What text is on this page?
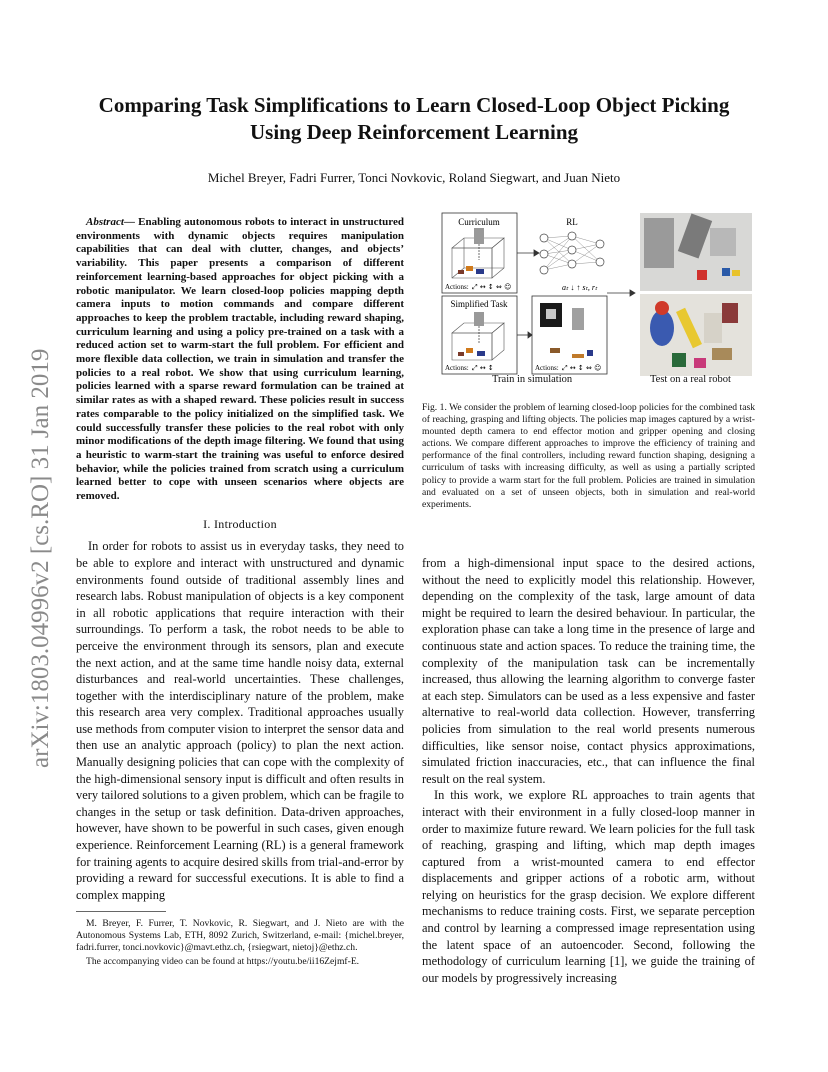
arXiv:1803.04996v2 [cs.RO] 31 Jan 2019
Comparing Task Simplifications to Learn Closed-Loop Object Picking
Using Deep Reinforcement Learning
Michel Breyer, Fadri Furrer, Tonci Novkovic, Roland Siegwart, and Juan Nieto

Abstract— Enabling autonomous robots to interact in unstructured environments with dynamic objects requires manipulation capabilities that can deal with clutter, changes, and objects’ variability. This paper presents a comparison of different reinforcement learning-based approaches for object picking with a robotic manipulator. We learn closed-loop policies mapping depth camera inputs to motion commands and compare different approaches to keep the problem tractable, including reward shaping, curriculum learning and using a policy pre-trained on a task with a reduced action set to warm-start the full problem. For efficient and more flexible data collection, we train in simulation and transfer the policies to a real robot. We show that using curriculum learning, policies learned with a sparse reward formulation can be trained at similar rates as with a shaped reward. These policies result in success rates comparable to the policy initialized on the simplified task. We could successfully transfer these policies to the real robot with only minor modifications of the depth image filtering. We found that using a heuristic to warm-start the training was useful to enforce desired behavior, while the policies trained from scratch using a curriculum learned better to cope with unseen scenarios where objects are removed.

I. Introduction

In order for robots to assist us in everyday tasks, they need to be able to explore and interact with unstructured and dynamic environments found outside of traditional assembly lines and research labs. Robust manipulation of objects is a key component in all robotic applications that require interaction with their surroundings. To perform a task, the robot needs to be able to perceive the environment through its sensors, plan and execute the next action, and at the same time handle noisy data, external disturbances and real-world uncertainties. These challenges, together with the interdisciplinary nature of the problem, make this research area very complex. Traditional approaches usually use methods from computer vision to interpret the sensor data and then use an analytic approach (policy) to plan the next action. Manually designing policies that can cope with the complexity of the high-dimensional sensory input is difficult and often results in very tailored solutions to a given problem, which can be fragile to changes in the setup or task definition. Data-driven approaches, however, have shown to be powerful in such cases, given enough experience. Reinforcement Learning (RL) is a general framework for training agents to acquire desired skills from trial-and-error by providing a reward for successful executions. It is able to find a complex mapping

M. Breyer, F. Furrer, T. Novkovic, R. Siegwart, and J. Nieto are with the Autonomous Systems Lab, ETH, 8092 Zurich, Switzerland, e-mail: {michel.breyer, fadri.furrer, tonci.novkovic}@mavt.ethz.ch, {rsiegwart, nietoj}@ethz.ch.

The accompanying video can be found at https://youtu.be/ii16Zejmf-E.

Curriculum
Actions: ⤢ ↔ ↕ ⇔ ☺
Simplified Task
Actions: ⤢ ↔ ↕
RL
aₜ ↓ ↑ sₜ, rₜ
Actions: ⤢ ↔ ↕ ⇔ ☺
Train in simulation	Test on a real robot

Fig. 1. We consider the problem of learning closed-loop policies for the combined task of reaching, grasping and lifting objects. The policies map images captured by a wrist-mounted depth camera to end effector motion and gripper opening and closing actions. We compare different approaches to improve the efficiency of training and performance of the final controllers, including reward function shaping, designing a curriculum of tasks with increasing difficulty, as well as using a partially scripted policy to provide a warm start for the full problem. Policies are trained in simulation and evaluated on a set of unseen objects, both in simulation and real-world experiments.

from a high-dimensional input space to the desired actions, without the need to explicitly model this relationship. However, depending on the complexity of the task, large amount of data might be required to learn the desired behaviour. In particular, the exploration phase can take a long time in the presence of large and continuous state and action spaces. To reduce the training time, the complexity of the manipulation task can be incrementally increased, thus allowing the learning algorithm to converge faster at each step. Simulators can be used as a less expensive and faster alternative to real-world data collection. However, transferring policies from simulation to the real world presents numerous difficulties, like sensor noise, contact physics approximations, simulated friction inaccuracies, etc., that can influence the final result on the real system.

In this work, we explore RL approaches to train agents that interact with their environment in a fully closed-loop manner in order to maximize future reward. We learn policies for the full task of reaching, grasping and lifting, which map depth images captured from a wrist-mounted camera to end effector displacements and gripper actions of a robotic arm, without relying on heuristics for the grasp decision. We explore different mechanisms to reduce training costs. First, we separate perception and control by learning a compressed image representation using the latent space of an autoencoder. Second, following the methodology of curriculum learning [1], we guide the training of our models by progressively increasing
